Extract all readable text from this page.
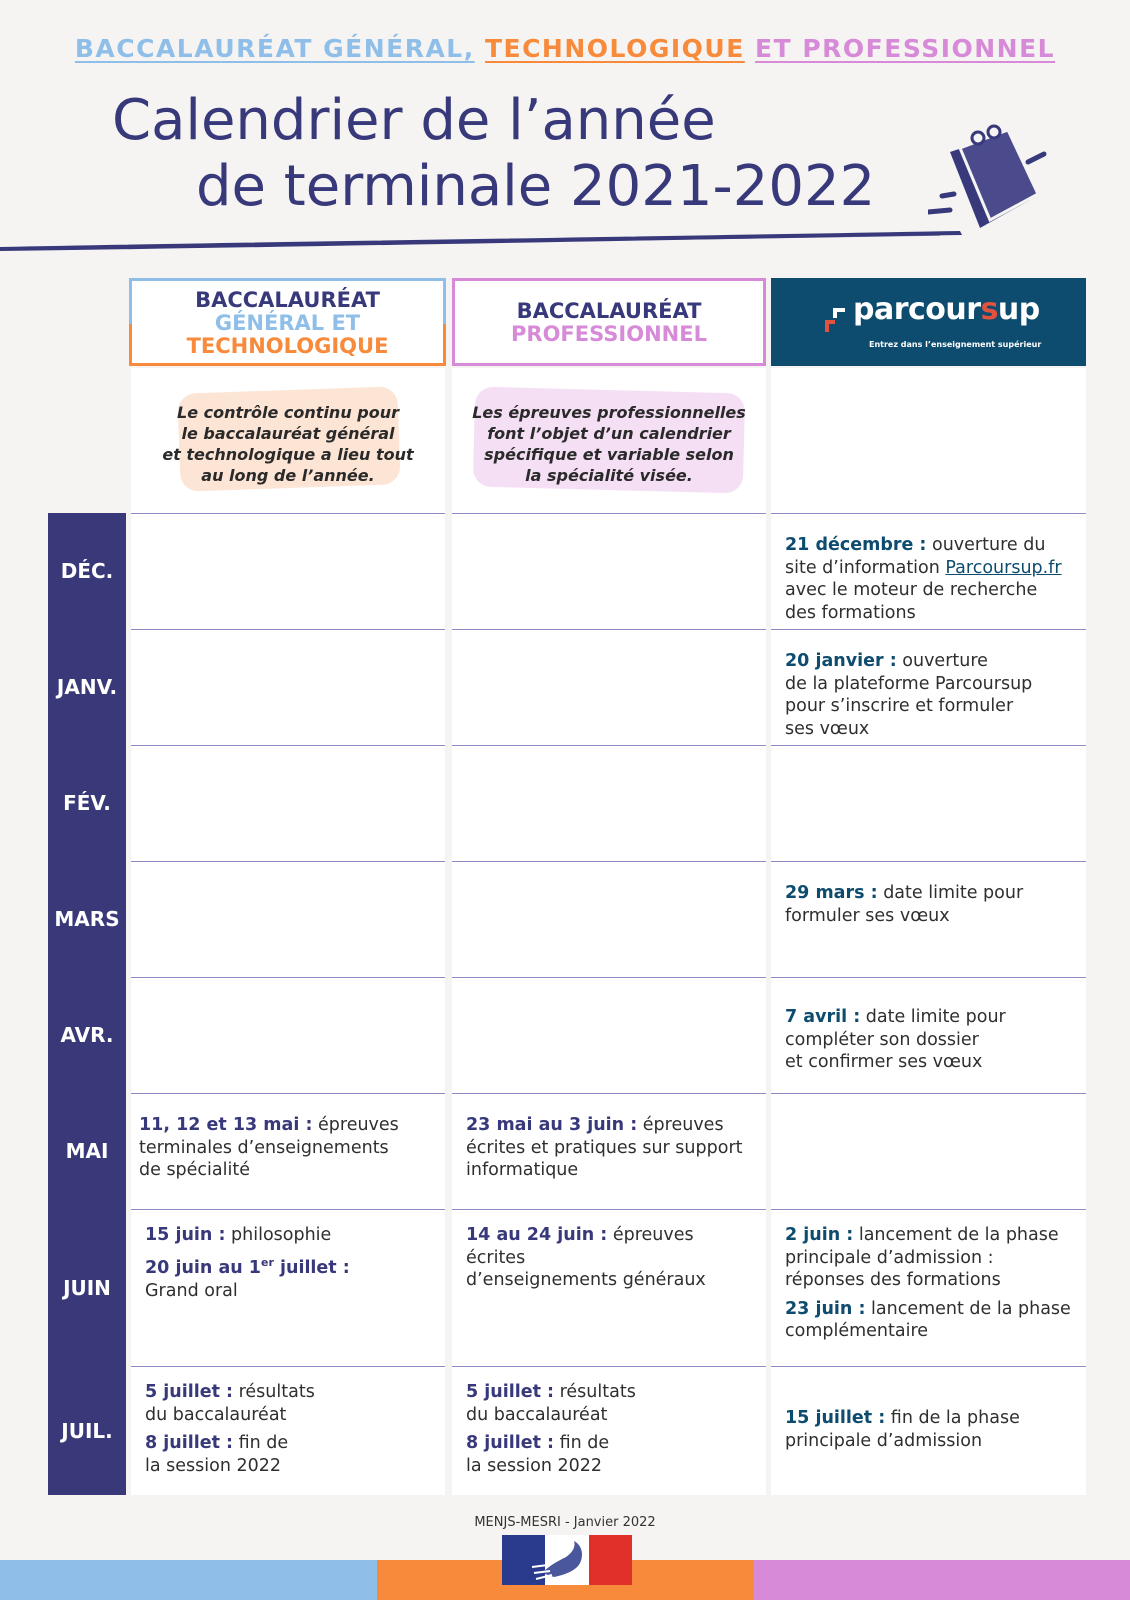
BACCALAURÉAT GÉNÉRAL, TECHNOLOGIQUE ET PROFESSIONNEL
Calendrier de l’année
de terminale 2021-2022
BACCALAURÉAT
GÉNÉRAL ET
TECHNOLOGIQUE
BACCALAURÉAT
PROFESSIONNEL
parcoursup
Entrez dans l’enseignement supérieur
Le contrôle continu pour
le baccalauréat général
et technologique a lieu tout
au long de l’année.
Les épreuves professionnelles
font l’objet d’un calendrier
spécifique et variable selon
la spécialité visée.
DÉC.
21 décembre : ouverture du
site d’information Parcoursup.fr
avec le moteur de recherche
des formations
JANV.
20 janvier : ouverture
de la plateforme Parcoursup
pour s’inscrire et formuler
ses vœux
FÉV.
MARS
29 mars : date limite pour
formuler ses vœux
AVR.
7 avril : date limite pour
compléter son dossier
et confirmer ses vœux
MAI
11, 12 et 13 mai : épreuves
terminales d’enseignements
de spécialité
23 mai au 3 juin : épreuves
écrites et pratiques sur support
informatique
JUIN

15 juin : philosophie

20 juin au 1er juillet :
Grand oral
14 au 24 juin : épreuves écrites
d’enseignements généraux
2 juin : lancement de la phase
principale d’admission :

réponses des formations

23 juin : lancement de la phase
complémentaire
JUIL.
5 juillet : résultats

du baccalauréat

8 juillet : fin de
la session 2022
5 juillet : résultats

du baccalauréat

8 juillet : fin de
la session 2022
15 juillet : fin de la phase
principale d’admission
MENJS-MESRI - Janvier 2022
